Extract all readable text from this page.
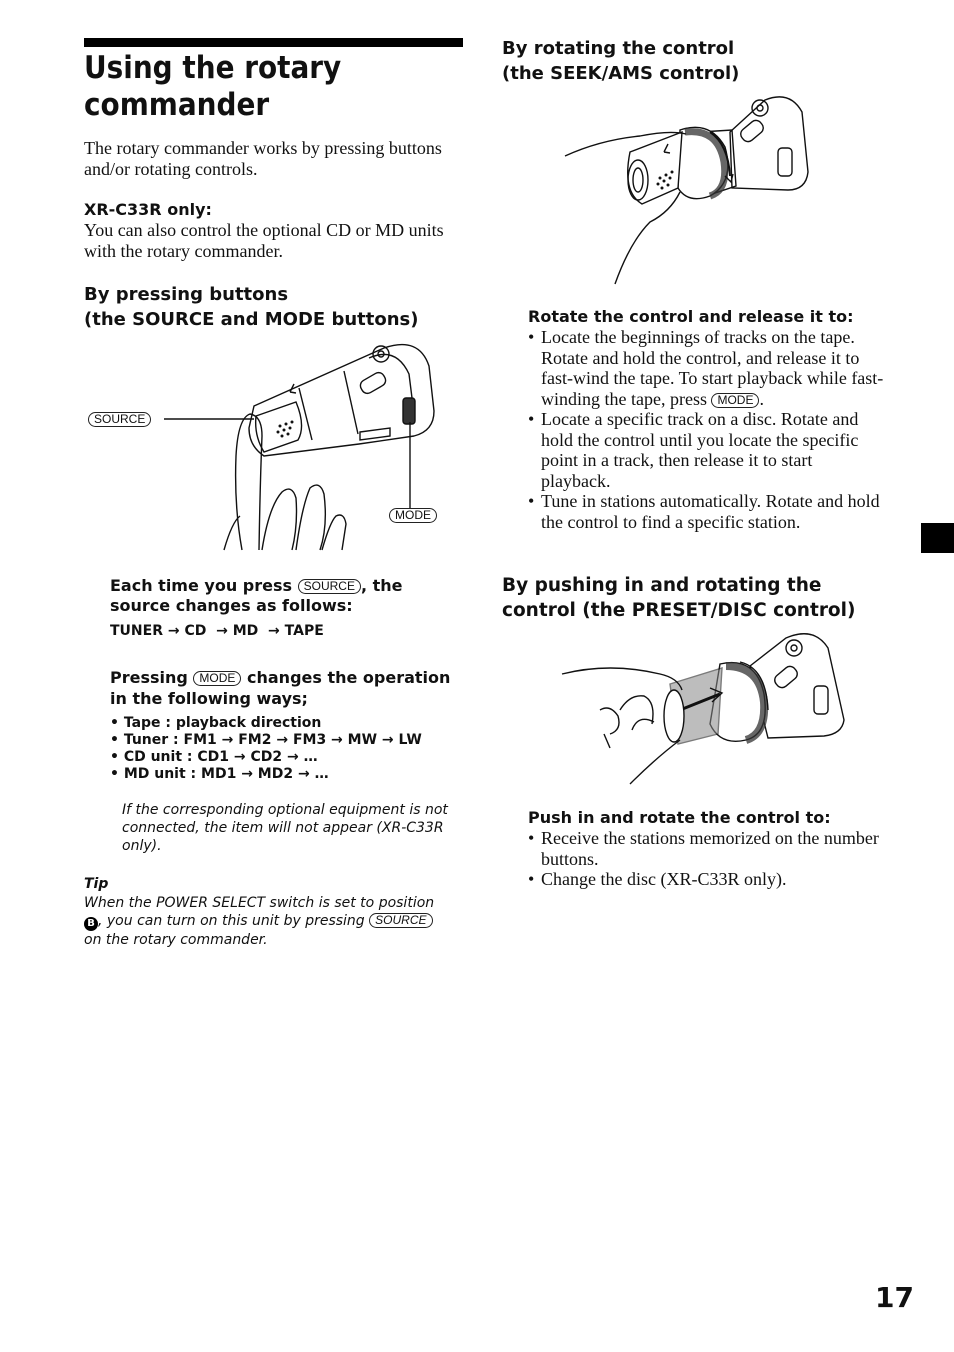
Using the rotary
commander
The rotary commander works by pressing buttons and/or rotating controls.
XR-C33R only:
You can also control the optional CD or MD units with the rotary commander.
By pressing buttons
(the SOURCE and MODE buttons)
SOURCE
MODE
Each time you press SOURCE , the source changes as follows:
TUNER → CD  → MD  → TAPE
Pressing MODE changes the operation in the following ways;
• Tape : playback direction
• Tuner : FM1 → FM2 → FM3 → MW → LW
• CD unit : CD1 → CD2 → …
• MD unit : MD1 → MD2 → …
If the corresponding optional equipment is not connected, the item will not appear (XR-C33R only).
Tip
When the POWER SELECT switch is set to position
B , you can turn on this unit by pressing SOURCE
on the rotary commander.
By rotating the control
(the SEEK/AMS control)
Rotate the control and release it to:
• Locate the beginnings of tracks on the tape. Rotate and hold the control, and release it to fast-wind the tape. To start playback while fast-winding the tape, press MODE .
• Locate a specific track on a disc. Rotate and hold the control until you locate the specific point in a track, then release it to start playback.
• Tune in stations automatically. Rotate and hold the control to find a specific station.
By pushing in and rotating the
control (the PRESET/DISC control)
Push in and rotate the control to:
• Receive the stations memorized on the number buttons.
• Change the disc (XR-C33R only).
17
